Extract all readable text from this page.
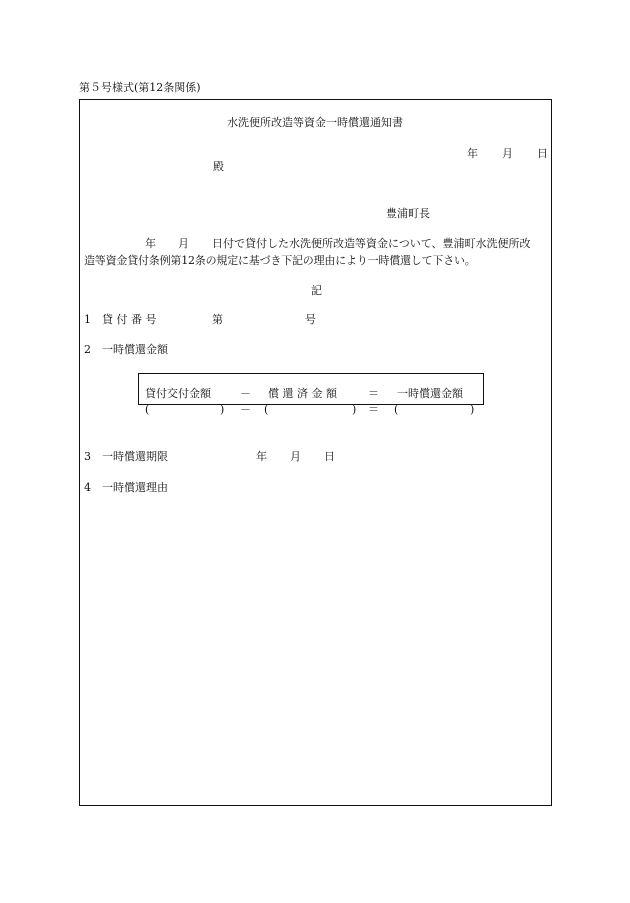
第５号様式(第12条関係)
水洗便所改造等資金一時償還通知書
年 月 日
殿
豊浦町長
年 月 日付で貸付した水洗便所改造等資金について、豊浦町水洗便所改
造等資金貸付条例第12条の規定に基づき下記の理由により一時償還して下さい。
記
1 貸 付 番 号	第	号
2 一時償還金額
貸付交付金額	－ 償 還 済 金 額	＝ 一時償還金額
(	) － (	) ＝ (	)
3 一時償還期限	年 月 日
4 一時償還理由
